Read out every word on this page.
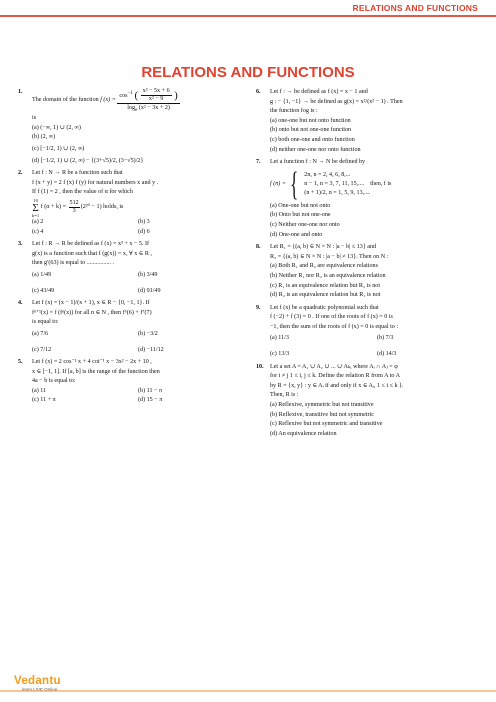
RELATIONS AND FUNCTIONS
RELATIONS AND FUNCTIONS
1.
The domain of the function
f (x) =

$\cos^{-1}$ ( $\frac{\text{x² − 5x + 6}}{\text{x² − 9}}$ )
$\log_e (x^2 - 3x + 2)$
is
(a) (−∞, 1) ∪ (2, ∞)
(b) (2, ∞)
(c) [−1/2, 1) ∪ (2, ∞)
(d) [−1/2, 1) ∪ (2, ∞) − {(3+√5)/2, (3−√5)/2}
2. Let f : N → R be a function such that
f (x + y) = 2 f (x) f (y) for natural numbers x and y .
If f (1) = 2 , then the value of α for which
10
Σ
k=1

f (α + k) =
$\frac{512}{3} (2^{20} - 1)$ holds, is
(a) 2	(b) 3
(c) 4	(d) 6
3. Let f : R → R be defined as f (x) = x³ + x − 5. If
g(x) is a function such that f (g(x)) = x, ∀ x ∈ R ,
then g′(63) is equal to ................ .
(a) 1/49	(b) 3/49
(c) 43/49	(d) 91/49
4. Let f (x) = (x − 1)/(x + 1), x ∈ R − {0, −1, 1}. If
fⁿ⁺¹(x) = f (fⁿ(x)) for all n ∈ N , then f⁶(6) + f⁷(7)
is equal to:
(a) 7/6	(b) −3/2
(c) 7/12	(d) −11/12
5. Let f (x) = 2 cos⁻¹ x + 4 cot⁻¹ x − 3x² − 2x + 10 ,
x ∈ [−1, 1]. If [a, b] is the range of the function then
4a − b is equal to:
(a) 11	(b) 11 − π
(c) 11 + π	(d) 15 − π
6. Let f : → be defined as f (x) = x − 1 and
g : − {1, −1} → be defined as g(x) = x²/(x² − 1) . Then
the function fog is :
(a) one-one but not onto function
(b) onto but not one-one function
(c) both one-one and onto function
(d) neither one-one nor onto function
7. Let a function f : N → N be defined by
f (n) = { 2n, n = 2, 4, 6, 8,...
n − 1, n = 3, 7, 11, 15,....
(n + 1)/2, n = 1, 5, 9, 13,....
then, f is
(a) One-one but not onto
(b) Onto but not one-one
(c) Neither one-one nor onto
(d) One-one and onto
8. Let R₁ = {(a, b) ∈ N × N : |a − b| ≤ 13} and
R₂ = {(a, b) ∈ N × N : |a − b| ≠ 13}. Then on N :
(a) Both R₁ and R₂ are equivalence relations
(b) Neither R₁ nor R₂ is an equivalence relation
(c) R₁ is an equivalence relation but R₂ is not
(d) R₂ is an equivalence relation but R₁ is not
9. Let f (x) be a quadratic polynomial such that
f (−2) + f (3) = 0 . If one of the roots of f (x) = 0 is
−1, then the sum of the roots of f (x) = 0 is equal to :
(a) 11/3	(b) 7/3
(c) 13/3	(d) 14/3
10. Let a set A = A₁ ∪ A₂ ∪ ... ∪ Aₖ, where Aᵢ ∩ Aⱼ = φ
for i ≠ j 1 ≤ i, j ≤ k. Define the relation R from A to A
by R = {x, y} : y ∈ Aᵢ if and only if x ∈ Aᵢ, 1 ≤ i ≤ k }.
Then, R is :
(a) Reflexive, symmetric but not transitive
(b) Reflexive, transitive but not symmetric
(c) Reflexive but not symmetric and transitive
(d) An equivalence relation
Vedantu
